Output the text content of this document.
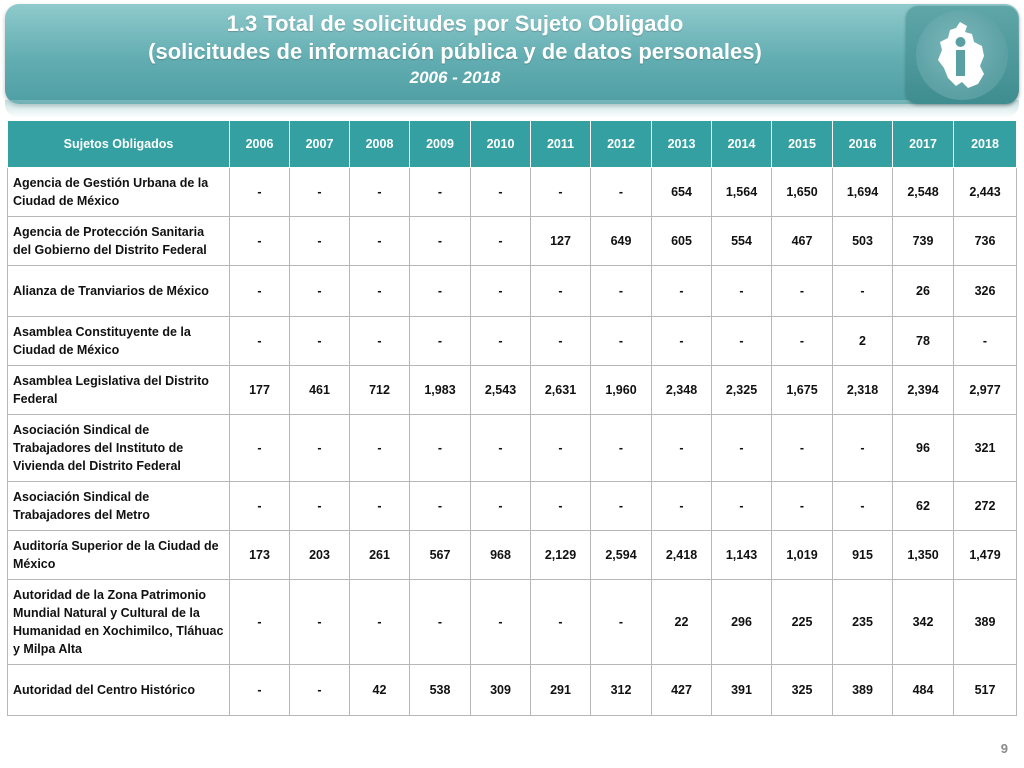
1.3 Total de solicitudes por Sujeto Obligado
(solicitudes de información pública y de datos personales)
2006 - 2018
Sujetos Obligados	2006	2007	2008	2009	2010	2011	2012	2013	2014	2015	2016	2017	2018
Agencia de Gestión Urbana de la Ciudad de México	-	-	-	-	-	-	-	654	1,564	1,650	1,694	2,548	2,443
Agencia de Protección Sanitaria del Gobierno del Distrito Federal	-	-	-	-	-	127	649	605	554	467	503	739	736
Alianza de Tranviarios de México	-	-	-	-	-	-	-	-	-	-	-	26	326
Asamblea Constituyente de la Ciudad de México	-	-	-	-	-	-	-	-	-	-	2	78	-
Asamblea Legislativa del Distrito Federal	177	461	712	1,983	2,543	2,631	1,960	2,348	2,325	1,675	2,318	2,394	2,977
Asociación Sindical de Trabajadores del Instituto de Vivienda del Distrito Federal	-	-	-	-	-	-	-	-	-	-	-	96	321
Asociación Sindical de Trabajadores del Metro	-	-	-	-	-	-	-	-	-	-	-	62	272
Auditoría Superior de la Ciudad de México	173	203	261	567	968	2,129	2,594	2,418	1,143	1,019	915	1,350	1,479
Autoridad de la Zona Patrimonio Mundial Natural y Cultural de la Humanidad en Xochimilco, Tláhuac y Milpa Alta	-	-	-	-	-	-	-	22	296	225	235	342	389
Autoridad del Centro Histórico	-	-	42	538	309	291	312	427	391	325	389	484	517
9
